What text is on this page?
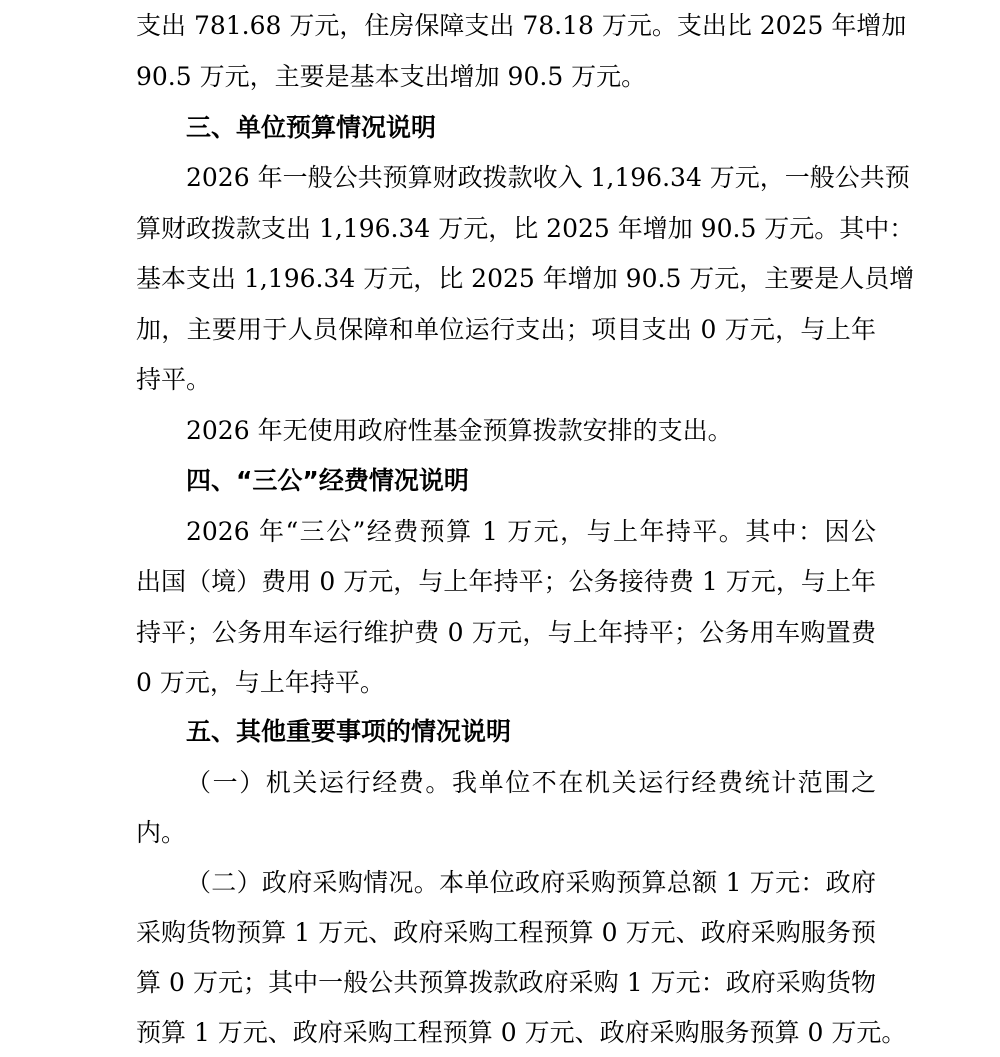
支出 781.68 万元，住房保障支出 78.18 万元。支出比 2025 年增加
90.5 万元，主要是基本支出增加 90.5 万元。
三、单位预算情况说明
2026 年一般公共预算财政拨款收入 1,196.34 万元，一般公共预
算财政拨款支出 1,196.34 万元，比 2025 年增加 90.5 万元。其中：
基本支出 1,196.34 万元，比 2025 年增加 90.5 万元，主要是人员增
加，主要用于人员保障和单位运行支出；项目支出 0 万元，与上年
持平。
2026 年无使用政府性基金预算拨款安排的支出。
四、“三公”经费情况说明
2026 年“三公”经费预算 1 万元，与上年持平。其中：因公
出国（境）费用 0 万元，与上年持平；公务接待费 1 万元，与上年
持平；公务用车运行维护费 0 万元，与上年持平；公务用车购置费
0 万元，与上年持平。
五、其他重要事项的情况说明
（一）机关运行经费。我单位不在机关运行经费统计范围之
内。
（二）政府采购情况。本单位政府采购预算总额 1 万元：政府
采购货物预算 1 万元、政府采购工程预算 0 万元、政府采购服务预
算 0 万元；其中一般公共预算拨款政府采购 1 万元：政府采购货物
预算 1 万元、政府采购工程预算 0 万元、政府采购服务预算 0 万元。
